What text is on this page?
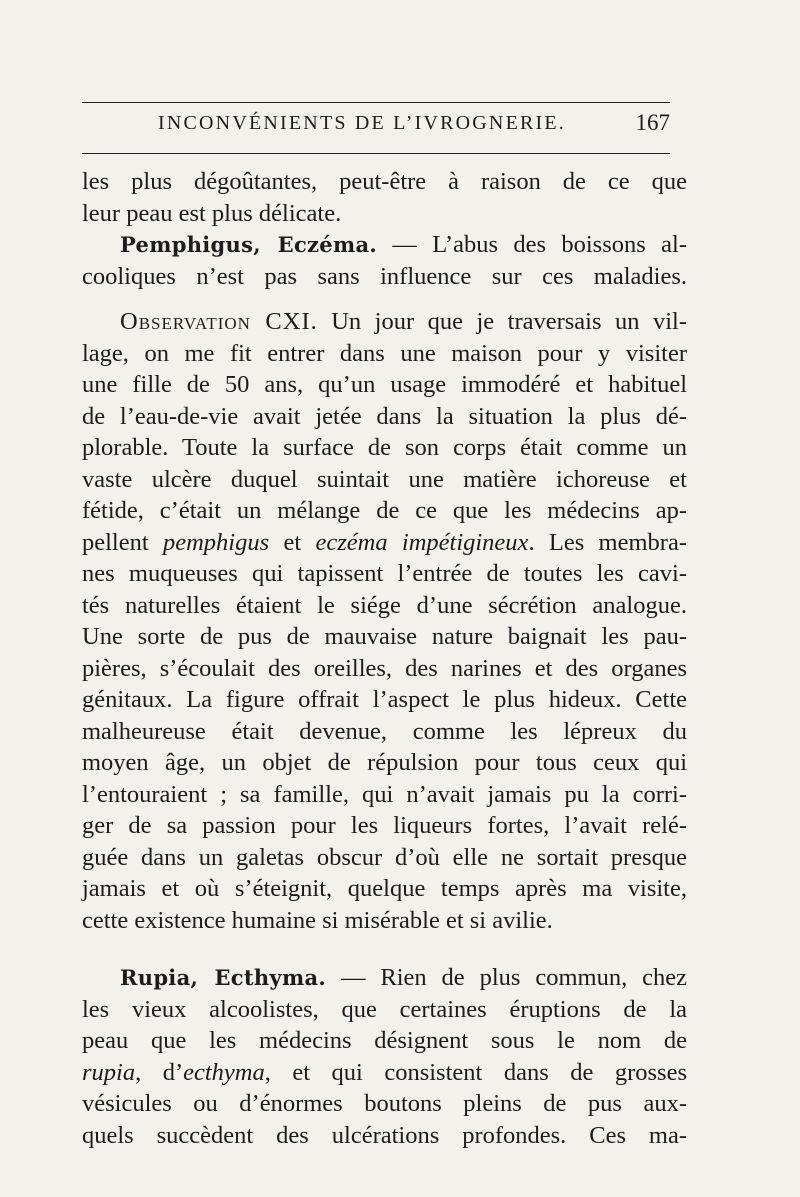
INCONVÉNIENTS DE L’IVROGNERIE.	167
les plus dégoûtantes, peut-être à raison de ce que
leur peau est plus délicate.
Pemphigus, Eczéma. — L’abus des boissons al-
cooliques n’est pas sans influence sur ces maladies.
Observation CXI. Un jour que je traversais un vil-
lage, on me fit entrer dans une maison pour y visiter
une fille de 50 ans, qu’un usage immodéré et habituel
de l’eau-de-vie avait jetée dans la situation la plus dé-
plorable. Toute la surface de son corps était comme un
vaste ulcère duquel suintait une matière ichoreuse et
fétide, c’était un mélange de ce que les médecins ap-
pellent pemphigus et eczéma impétigineux. Les membra-
nes muqueuses qui tapissent l’entrée de toutes les cavi-
tés naturelles étaient le siége d’une sécrétion analogue.
Une sorte de pus de mauvaise nature baignait les pau-
pières, s’écoulait des oreilles, des narines et des organes
génitaux. La figure offrait l’aspect le plus hideux. Cette
malheureuse était devenue, comme les lépreux du
moyen âge, un objet de répulsion pour tous ceux qui
l’entouraient ; sa famille, qui n’avait jamais pu la corri-
ger de sa passion pour les liqueurs fortes, l’avait relé-
guée dans un galetas obscur d’où elle ne sortait presque
jamais et où s’éteignit, quelque temps après ma visite,
cette existence humaine si misérable et si avilie.
Rupia, Ecthyma. — Rien de plus commun, chez
les vieux alcoolistes, que certaines éruptions de la
peau que les médecins désignent sous le nom de
rupia, d’ecthyma, et qui consistent dans de grosses
vésicules ou d’énormes boutons pleins de pus aux-
quels succèdent des ulcérations profondes. Ces ma-
